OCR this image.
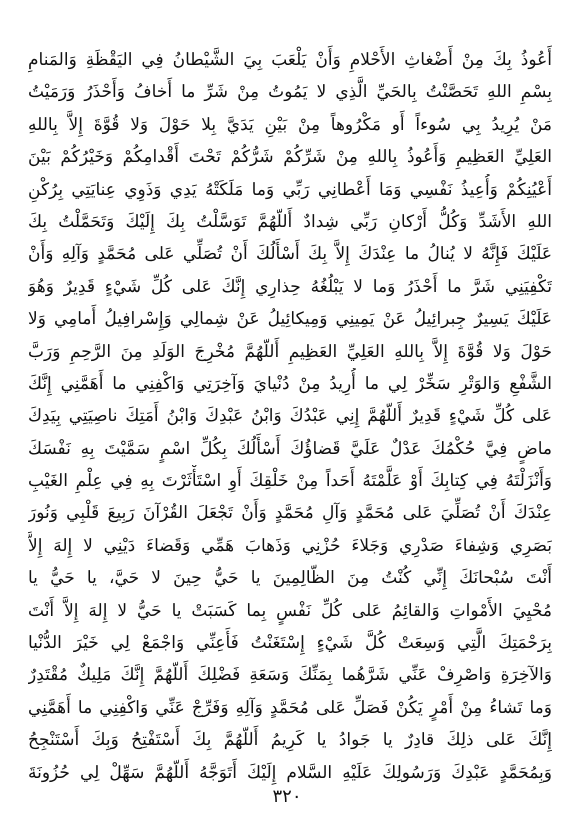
أَعُوذُ بِكَ مِنْ أَضْغاثِ الأَحْلامِ وَأَنْ يَلْعَبَ بِيَ الشَّيْطانُ فِي اليَقْظَةِ وَالمَنامِ
بِسْمِ اللهِ تَحَصَّنْتُ بِالحَيِّ الَّذِي لا يَمُوتُ مِنْ شَرِّ ما أَخافُ وَأَحْذَرُ وَرَمَيْتُ
مَنْ يُرِيدُ بِي سُوءاً أَو مَكْرُوهاً مِنْ بَيْنِ يَدَيَّ بِلا حَوْلَ وَلا قُوَّةَ إِلاَّ بِاللهِ
العَلِيِّ العَظِيمِ وَأَعُوذُ بِاللهِ مِنْ شَرِّكُمْ شَرُّكُمْ تَحْتَ أَقْدامِكُمْ وَخَيْرُكُمْ بَيْنَ
أَعْيُنِكُمْ وَأُعِيذُ نَفْسِي وَمَا أَعْطانِي رَبِّي وَما مَلَكَتْهُ يَدِي وَذَوِي عِنايَتِي بِرُكْنِ
اللهِ الأَشَدِّ وَكُلُّ أَرْكانِ رَبِّي شِدادٌ أَللّهُمَّ تَوَسَّلْتُ بِكَ إِلَيْكَ وَتَحَمَّلْتُ بِكَ
عَلَيْكَ فَإِنَّهُ لا يُنالُ ما عِنْدَكَ إِلاَّ بِكَ أَسْأَلُكَ أَنْ تُصَلِّي عَلى مُحَمَّدٍ وَآلِهِ وَأَنْ
تَكْفِيَنِي شَرَّ ما أَحْذَرُ وَما لا يَبْلُغُهُ حِذارِي إِنَّكَ عَلى كُلِّ شَيْءٍ قَدِيرٌ وَهُوَ
عَلَيْكَ يَسِيرٌ جِبرائِيلُ عَنْ يَمِينِي وَمِيكائِيلُ عَنْ شِمالِي وَإِسْرافِيلُ أَمامِي وَلا
حَوْلَ وَلا قُوَّةَ إِلاَّ بِاللهِ العَلِيِّ العَظِيمِ أَللّهُمَّ مُخْرِجَ الوَلَدِ مِنَ الرَّحِمِ وَرَبَّ
الشَّفْعِ وَالوَتْرِ سَخِّرْ لِي ما أُرِيدُ مِنْ دُنْيايَ وَآخِرَتِي وَاكْفِنِي ما أَهَمَّنِي إِنَّكَ
عَلى كُلِّ شَيْءٍ قَدِيرٌ أَللّهُمَّ إِنِي عَبْدُكَ وَابْنُ عَبْدِكَ وَابْنُ أَمَتِكَ ناصِيَتِي بِيَدِكَ
ماضٍ فِيَّ حُكْمُكَ عَدْلٌ عَلَيَّ قَضاؤُكَ أَسْأَلُكَ بِكُلِّ اسْمٍ سَمَّيْتَ بِهِ نَفْسَكَ
وَأَنْزَلْتَهُ فِي كِتابِكَ أَوْ عَلَّمْتَهُ أَحَداً مِنْ خَلْقِكَ أَوِ اسْتَأْثَرْتَ بِهِ فِي عِلْمِ الغَيْبِ
عِنْدَكَ أَنْ تُصَلِّيَ عَلى مُحَمَّدٍ وَآلِ مُحَمَّدٍ وَأَنْ تَجْعَلَ القُرْآنَ رَبِيعَ قَلْبِي وَنُورَ
بَصَرِي وَشِفاءَ صَدْرِي وَجَلاءَ حُزْنِي وَذَهابَ هَمِّي وَقَضاءَ دَيْنِي لا إِلهَ إِلاَّ
أَنْتَ سُبْحانَكَ إِنِّي كُنْتُ مِنَ الظّالِمِينَ يا حَيُّ حِينَ لا حَيَّ، يا حَيُّ يا
مُحْيِيَ الأَمْواتِ وَالقائِمُ عَلى كُلِّ نَفْسٍ بِما كَسَبَتْ يا حَيُّ لا إِلهَ إِلاَّ أَنْتَ
بِرَحْمَتِكَ الَّتِي وَسِعَتْ كُلَّ شَيْءٍ إِسْتَغَنْتُ فَأَعِنِّي وَاجْمَعْ لِي خَيْرَ الدُّنْيا
وَالآخِرَةِ وَاصْرِفْ عَنِّي شَرَّهُما بِمَنِّكَ وَسَعَةِ فَضْلِكَ أَللّهُمَّ إِنَّكَ مَلِيكٌ مُقْتَدِرٌ
وَما تَشاءُ مِنْ أَمْرٍ يَكُنْ فَصَلِّ عَلى مُحَمَّدٍ وَآلِهِ وَفَرِّجْ عَنِّي وَاكْفِنِي ما أَهَمَّنِي
إِنَّكَ عَلى ذلِكَ قادِرٌ يا جَوادُ يا كَرِيمُ أَللّهُمَّ بِكَ أَسْتَفْتِحُ وَبِكَ أَسْتَنْجِحُ
وَبِمُحَمَّدٍ عَبْدِكَ وَرَسُولِكَ عَلَيْهِ السَّلام إِلَيْكَ أَتَوَجَّهُ أَللّهُمَّ سَهِّلْ لِي حُزُونَةَ
٣٢٠
